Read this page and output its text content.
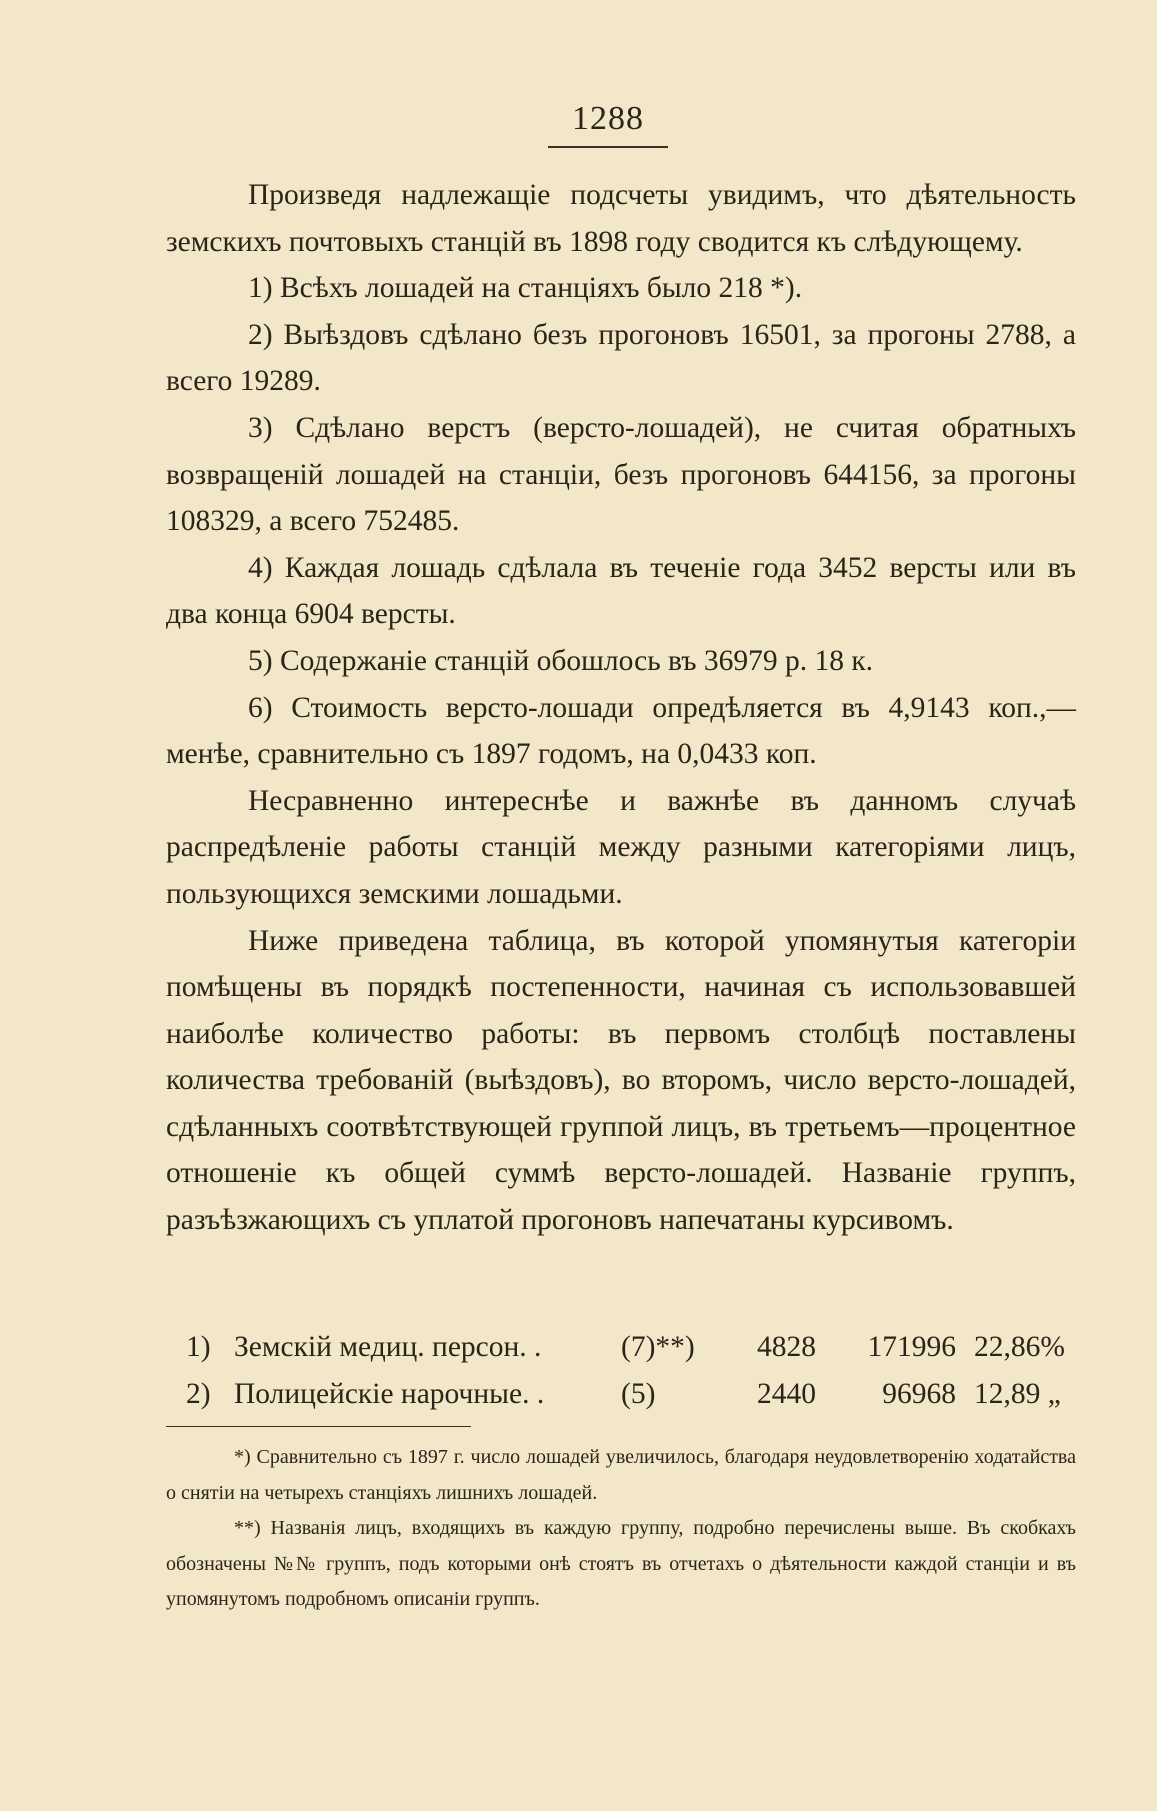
1288

Произведя надлежащіе подсчеты увидимъ, что дѣятельность земскихъ почтовыхъ станцій въ 1898 году сводится къ слѣдующему.

1) Всѣхъ лошадей на станціяхъ было 218 *).

2) Выѣздовъ сдѣлано безъ прогоновъ 16501, за прогоны 2788, а всего 19289.

3) Сдѣлано верстъ (версто-лошадей), не считая обратныхъ возвращеній лошадей на станціи, безъ прогоновъ 644156, за прогоны 108329, а всего 752485.

4) Каждая лошадь сдѣлала въ теченіе года 3452 версты или въ два конца 6904 версты.

5) Содержаніе станцій обошлось въ 36979 р. 18 к.

6) Стоимость версто-лошади опредѣляется въ 4,9143 коп.,—менѣе, сравнительно съ 1897 годомъ, на 0,0433 коп.

Несравненно интереснѣе и важнѣе въ данномъ случаѣ распредѣленіе работы станцій между разными категоріями лицъ, пользующихся земскими лошадьми.

Ниже приведена таблица, въ которой упомянутыя категоріи помѣщены въ порядкѣ постепенности, начиная съ использовавшей наиболѣе количество работы: въ первомъ столбцѣ поставлены количества требованій (выѣздовъ), во второмъ, число версто-лошадей, сдѣланныхъ соотвѣтствующей группой лицъ, въ третьемъ—процентное отношеніе къ общей суммѣ версто-лошадей. Названіе группъ, разъѣзжающихъ съ уплатой прогоновъ напечатаны курсивомъ.

1) Земскій медиц. персон. .	(7)**)	4828	171996 22,86%
2) Полицейскіе нарочные. .	(5)	2440	96968 12,89 „

*) Сравнительно съ 1897 г. число лошадей увеличилось, благодаря неудовлетворенію ходатайства о снятіи на четырехъ станціяхъ лишнихъ лошадей.

**) Названія лицъ, входящихъ въ каждую группу, подробно перечислены выше. Въ скобкахъ обозначены №№ группъ, подъ которыми онѣ стоятъ въ отчетахъ о дѣятельности каждой станціи и въ упомянутомъ подробномъ описаніи группъ.
